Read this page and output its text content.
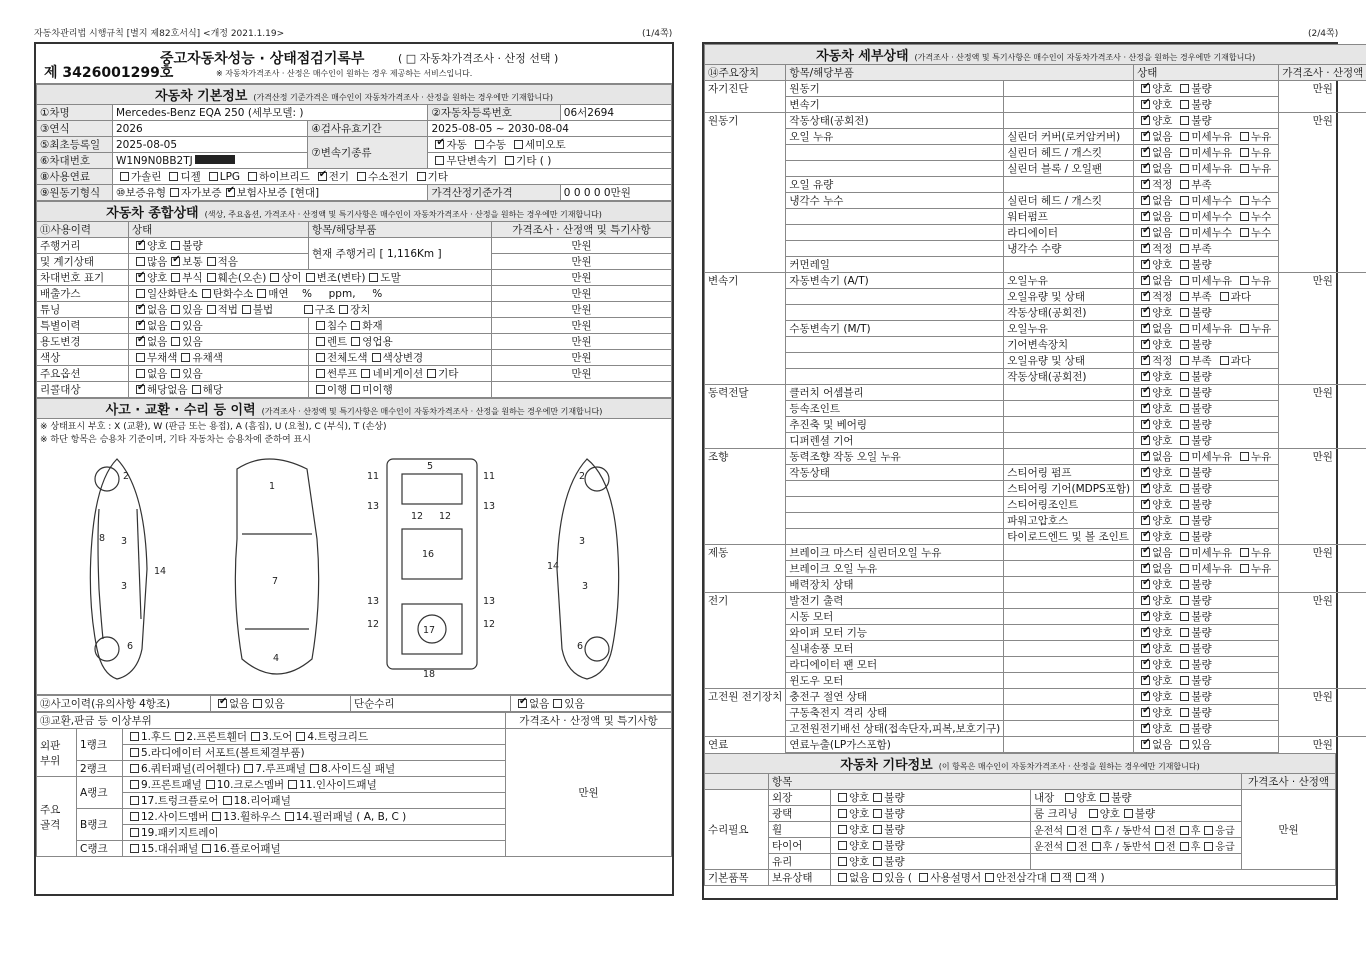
자동차관리법 시행규칙 [별지 제82호서식] <개정 2021.1.19>	(1/4쪽)	(2/4쪽)
중고자동차성능 · 상태점검기록부	( □ 자동차가격조사 · 산정 선택 )
제 3426001299호	※ 자동차가격조사 · 산정은 매수인이 원하는 경우 제공하는 서비스입니다.
자동차 기본정보 (가격산정 기준가격은 매수인이 자동차가격조사 · 산정을 원하는 경우에만 기재합니다)				
①차명	Mercedes-Benz EQA 250 (세부모델: )		②자동차등록번호	06서2694
③연식	2026	④검사유효기간	2025-08-05 ~ 2030-08-04	
⑤최초등록일	2025-08-05	⑦변속기종류	✔자동 수동 세미오토
⑥차대번호	W1N9N0BB2TJ		무단변속기 기타 ( )	
⑧사용연료	가솔린 디젤 LPG 하이브리드 ✔ 전기 수소전기 기타
⑨원동기형식	⑩보증유형 자가보증 ✔ 보험사보증 [현대]		가격산정기준가격	0 0 0 0 0만원
자동차 종합상태 (색상, 주요옵션, 가격조사 · 산정액 및 특기사항은 매수인이 자동차가격조사 · 산정을 원하는 경우에만 기재합니다)			
⑪사용이력	상태	항목/해당부품	가격조사 · 산정액 및 특기사항
주행거리	✔양호 불량	현재 주행거리 [ 1,116Km ]	만원
및 계기상태	많음 ✔ 보통 적음		만원
차대번호 표기	✔양호 부식 훼손(오손) 상이 변조(변타) 도말		만원
배출가스	일산화탄소 탄화수소 매연 % ppm, %		만원
튜닝	✔없음 있음 적법 불법 구조 장치		만원
특별이력	✔없음 있음	침수 화재	만원
용도변경	✔없음 있음	렌트 영업용	만원
색상	무채색 유채색	전체도색 색상변경	만원
주요옵션	없음 있음	썬루프 네비게이션 기타	만원
리콜대상	✔해당없음 해당	이행 미이행	
사고 · 교환 · 수리 등 이력 (가격조사 · 산정액 및 특기사항은 매수인이 자동차가격조사 · 산정을 원하는 경우에만 기재합니다)

※ 상태표시 부호 : X (교환), W (판금 또는 용접), A (흠집), U (요철), C (부식), T (손상)
※ 하단 항목은 승용차 기준이며, 기타 자동차는 승용차에 준하여 표시
2
3
3
8
14
6
1
7
4
5
11	11
13	13
12 12
16
17
18
13	13
12	12
2
3
3
14
6
⑫사고이력(유의사항 4항조)	✔없음 있음	단순수리	✔없음 있음
⑬교환,판금 등 이상부위			가격조사 · 산정액 및 특기사항
외판 부위	1랭크	1.후드 2.프론트휀더 3.도어 4.트렁크리드	만원
		5.라디에이터 서포트(볼트체결부품)	
	2랭크	6.쿼터패널(리어휀다) 7.루프패널 8.사이드실 패널	
주요 골격	A랭크	9.프론트패널 10.크로스멤버 11.인사이드패널	
		17.트렁크플로어 18.리어패널	
	B랭크	12.사이드멤버 13.휠하우스 14.필러패널 ( A, B, C )	
		19.패키지트레이	
	C랭크	15.대쉬패널 16.플로어패널	
자동차 세부상태 (가격조사 · 산정액 및 특기사항은 매수인이 자동차가격조사 · 산정을 원하는 경우에만 기재합니다)				
⑭주요장치	항목/해당부품		상태	가격조사 · 산정액
자기진단	원동기		✔양호 불량	만원
	변속기		✔양호 불량	
원동기	작동상태(공회전)		✔양호 불량	만원
	오일 누유	실린더 커버(로커암커버)	✔없음 미세누유 누유	
		실린더 헤드 / 개스킷	✔없음 미세누유 누유	
		실린더 블록 / 오일팬	✔없음 미세누유 누유	
	오일 유량		✔적정 부족	
	냉각수 누수	실린더 헤드 / 개스킷	✔없음 미세누수 누수	
		워터펌프	✔없음 미세누수 누수	
		라디에이터	✔없음 미세누수 누수	
		냉각수 수량	✔적정 부족	
	커먼레일		✔양호 불량	
변속기	자동변속기 (A/T)	오일누유	✔없음 미세누유 누유	만원
		오일유량 및 상태	✔적정 부족 과다	
		작동상태(공회전)	✔양호 불량	
	수동변속기 (M/T)	오일누유	✔없음 미세누유 누유	
		기어변속장치	✔양호 불량	
		오일유량 및 상태	✔적정 부족 과다	
		작동상태(공회전)	✔양호 불량	
동력전달	클러치 어셈블리		✔양호 불량	만원
	등속조인트		✔양호 불량	
	추진축 및 베어링		✔양호 불량	
	디퍼렌셜 기어		✔양호 불량	
조향	동력조향 작동 오일 누유		✔없음 미세누유 누유	만원
	작동상태	스티어링 펌프	✔양호 불량	
		스티어링 기어(MDPS포함)	✔양호 불량	
		스티어링조인트	✔양호 불량	
		파워고압호스	✔양호 불량	
		타이로드엔드 및 볼 조인트	✔양호 불량	
제동	브레이크 마스터 실린더오일 누유		✔없음 미세누유 누유	만원
	브레이크 오일 누유		✔없음 미세누유 누유	
	배력장치 상태		✔양호 불량	
전기	발전기 출력		✔양호 불량	만원
	시동 모터		✔양호 불량	
	와이퍼 모터 기능		✔양호 불량	
	실내송풍 모터		✔양호 불량	
	라디에이터 팬 모터		✔양호 불량	
	윈도우 모터		✔양호 불량	
고전원 전기장치	충전구 절연 상태		✔양호 불량	만원
	구동축전지 격리 상태		✔양호 불량	
	고전원전기배선 상태(접속단자,피복,보호기구)		✔양호 불량	
연료	연료누출(LP가스포함)		✔없음 있음	만원
자동차 기타정보 (이 항목은 매수인이 자동차가격조사 · 산정을 원하는 경우에만 기재합니다)				
	항목			가격조사 · 산정액
수리필요	외장	양호 불량	내장 양호 불량	만원
	광택	양호 불량	룸 크리닝 양호 불량	
	휠	양호 불량	운전석 전 후 / 동반석 전 후 응급	
	타이어	양호 불량	운전석 전 후 / 동반석 전 후 응급	
	유리	양호 불량		
기본품목	보유상태	없음 있음 ( 사용설명서 안전삼각대 잭 잭 )		
